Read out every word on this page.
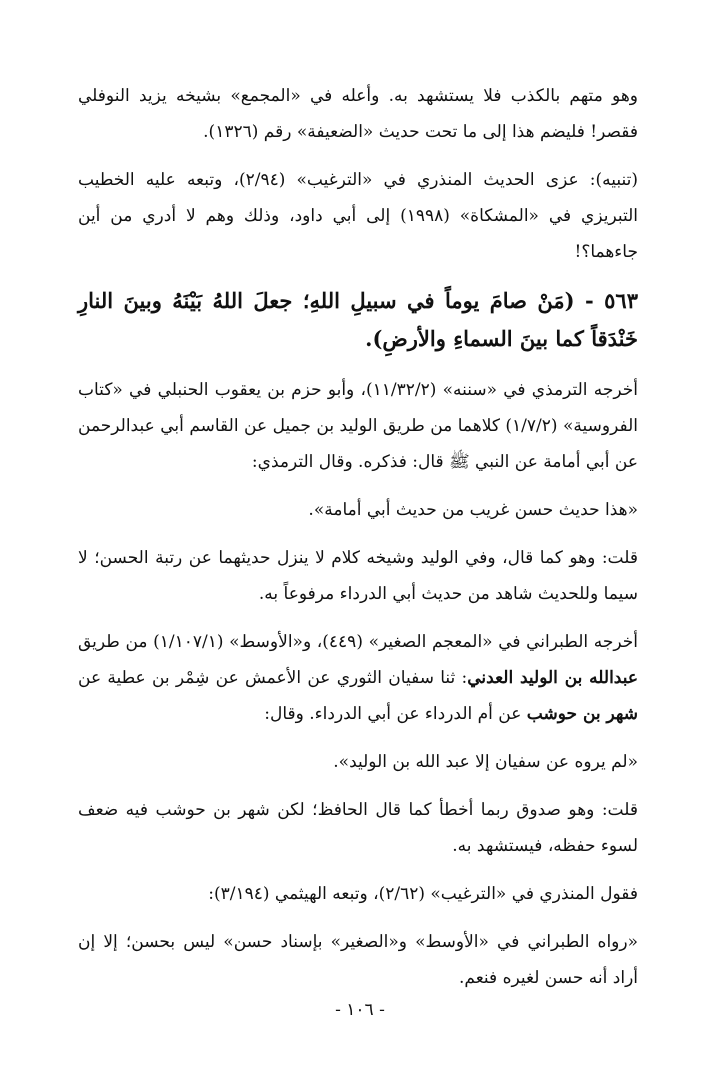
وهو متهم بالكذب فلا يستشهد به. وأعله في «المجمع» بشيخه يزيد النوفلي فقصر! فليضم هذا إلى ما تحت حديث «الضعيفة» رقم (١٣٢٦).

(تنبيه): عزى الحديث المنذري في «الترغيب» (٢/٩٤)، وتبعه عليه الخطيب التبريزي في «المشكاة» (١٩٩٨) إلى أبي داود، وذلك وهم لا أدري من أين جاءهما؟!

٥٦٣ - (مَنْ صامَ يوماً في سبيلِ اللهِ؛ جعلَ اللهُ بَيْنَهُ وبينَ النارِ خَنْدَقاً كما بينَ السماءِ والأرضِ).

أخرجه الترمذي في «سننه» (١١/٣٢/٢)، وأبو حزم بن يعقوب الحنبلي في «كتاب الفروسية» (١/٧/٢) كلاهما من طريق الوليد بن جميل عن القاسم أبي عبدالرحمن عن أبي أمامة عن النبي ﷺ قال: فذكره. وقال الترمذي:

«هذا حديث حسن غريب من حديث أبي أمامة».

قلت: وهو كما قال، وفي الوليد وشيخه كلام لا ينزل حديثهما عن رتبة الحسن؛ لا سيما وللحديث شاهد من حديث أبي الدرداء مرفوعاً به.

أخرجه الطبراني في «المعجم الصغير» (٤٤٩)، و«الأوسط» (١/١٠٧/١) من طريق عبدالله بن الوليد العدني: ثنا سفيان الثوري عن الأعمش عن شِمْر بن عطية عن شهر بن حوشب عن أم الدرداء عن أبي الدرداء. وقال:

«لم يروه عن سفيان إلا عبد الله بن الوليد».

قلت: وهو صدوق ربما أخطأ كما قال الحافظ؛ لكن شهر بن حوشب فيه ضعف لسوء حفظه، فيستشهد به.

فقول المنذري في «الترغيب» (٢/٦٢)، وتبعه الهيثمي (٣/١٩٤):

«رواه الطبراني في «الأوسط» و«الصغير» بإسناد حسن» ليس بحسن؛ إلا إن أراد أنه حسن لغيره فنعم.

- ١٠٦ -
